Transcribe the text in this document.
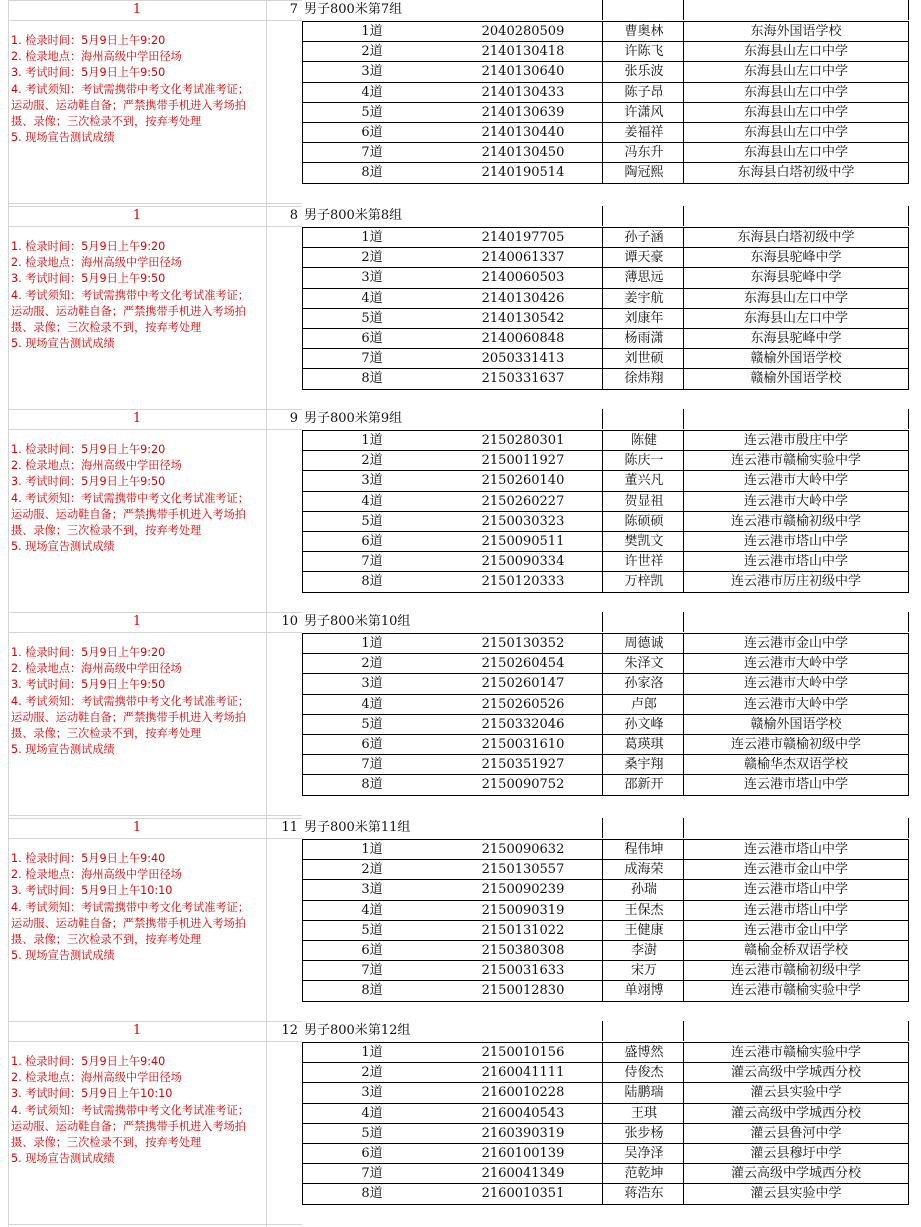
1
1. 检录时间：5月9日上午9:20
2. 检录地点：海州高级中学田径场
3. 考试时间：5月9日上午9:50
4. 考试须知：考试需携带中考文化考试准考证；运动服、运动鞋自备；严禁携带手机进入考场拍摄、录像；三次检录不到，按弃考处理
5. 现场宣告测试成绩
7 男子800米第7组
1道	2040280509	曹奥林	东海外国语学校
2道	2140130418	许陈飞	东海县山左口中学
3道	2140130640	张乐波	东海县山左口中学
4道	2140130433	陈子昂	东海县山左口中学
5道	2140130639	许潇风	东海县山左口中学
6道	2140130440	姜福祥	东海县山左口中学
7道	2140130450	冯东升	东海县山左口中学
8道	2140190514	陶冠熙	东海县白塔初级中学
1
1. 检录时间：5月9日上午9:20
2. 检录地点：海州高级中学田径场
3. 考试时间：5月9日上午9:50
4. 考试须知：考试需携带中考文化考试准考证；运动服、运动鞋自备；严禁携带手机进入考场拍摄、录像；三次检录不到，按弃考处理
5. 现场宣告测试成绩
8 男子800米第8组
1道	2140197705	孙子涵	东海县白塔初级中学
2道	2140061337	谭天豪	东海县驼峰中学
3道	2140060503	薄思远	东海县驼峰中学
4道	2140130426	姜宇航	东海县山左口中学
5道	2140130542	刘康年	东海县山左口中学
6道	2140060848	杨雨潇	东海县驼峰中学
7道	2050331413	刘世硕	赣榆外国语学校
8道	2150331637	徐炜翔	赣榆外国语学校
1
1. 检录时间：5月9日上午9:20
2. 检录地点：海州高级中学田径场
3. 考试时间：5月9日上午9:50
4. 考试须知：考试需携带中考文化考试准考证；运动服、运动鞋自备；严禁携带手机进入考场拍摄、录像；三次检录不到，按弃考处理
5. 现场宣告测试成绩
9 男子800米第9组
1道	2150280301	陈健	连云港市殷庄中学
2道	2150011927	陈庆一	连云港市赣榆实验中学
3道	2150260140	董兴凡	连云港市大岭中学
4道	2150260227	贺显祖	连云港市大岭中学
5道	2150030323	陈硕硕	连云港市赣榆初级中学
6道	2150090511	樊凯文	连云港市塔山中学
7道	2150090334	许世祥	连云港市塔山中学
8道	2150120333	万梓凯	连云港市厉庄初级中学
1
1. 检录时间：5月9日上午9:20
2. 检录地点：海州高级中学田径场
3. 考试时间：5月9日上午9:50
4. 考试须知：考试需携带中考文化考试准考证；运动服、运动鞋自备；严禁携带手机进入考场拍摄、录像；三次检录不到，按弃考处理
5. 现场宣告测试成绩
10 男子800米第10组
1道	2150130352	周德诚	连云港市金山中学
2道	2150260454	朱泽文	连云港市大岭中学
3道	2150260147	孙家洛	连云港市大岭中学
4道	2150260526	卢郎	连云港市大岭中学
5道	2150332046	孙文峰	赣榆外国语学校
6道	2150031610	葛瑛琪	连云港市赣榆初级中学
7道	2150351927	桑宇翔	赣榆华杰双语学校
8道	2150090752	邵新开	连云港市塔山中学
1
1. 检录时间：5月9日上午9:40
2. 检录地点：海州高级中学田径场
3. 考试时间：5月9日上午10:10
4. 考试须知：考试需携带中考文化考试准考证；运动服、运动鞋自备；严禁携带手机进入考场拍摄、录像；三次检录不到，按弃考处理
5. 现场宣告测试成绩
11 男子800米第11组
1道	2150090632	程伟坤	连云港市塔山中学
2道	2150130557	成海荣	连云港市金山中学
3道	2150090239	孙瑞	连云港市塔山中学
4道	2150090319	王保杰	连云港市塔山中学
5道	2150131022	王健康	连云港市金山中学
6道	2150380308	李澍	赣榆金桥双语学校
7道	2150031633	宋万	连云港市赣榆初级中学
8道	2150012830	单翊博	连云港市赣榆实验中学
1
1. 检录时间：5月9日上午9:40
2. 检录地点：海州高级中学田径场
3. 考试时间：5月9日上午10:10
4. 考试须知：考试需携带中考文化考试准考证；运动服、运动鞋自备；严禁携带手机进入考场拍摄、录像；三次检录不到，按弃考处理
5. 现场宣告测试成绩
12 男子800米第12组
1道	2150010156	盛博然	连云港市赣榆实验中学
2道	2160041111	侍俊杰	灌云高级中学城西分校
3道	2160010228	陆鹏瑞	灌云县实验中学
4道	2160040543	王琪	灌云高级中学城西分校
5道	2160390319	张步杨	灌云县鲁河中学
6道	2160100139	吴净泽	灌云县穆圩中学
7道	2160041349	范乾坤	灌云高级中学城西分校
8道	2160010351	蒋浩东	灌云县实验中学
